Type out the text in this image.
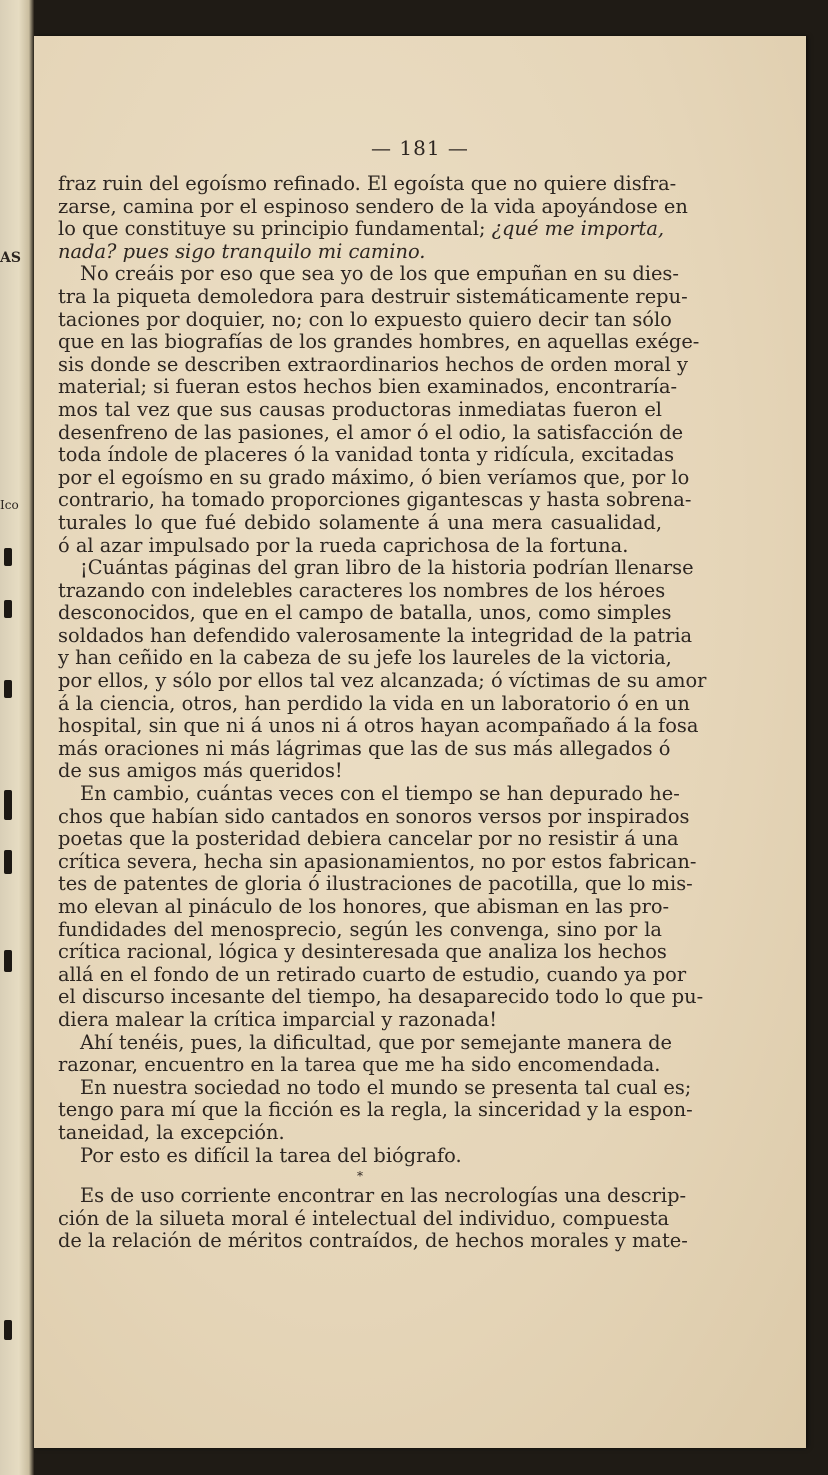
AS
Ico
— 181 —
fraz ruin del egoísmo refinado. El egoísta que no quiere disfra-
zarse, camina por el espinoso sendero de la vida apoyándose en
lo que constituye su principio fundamental; ¿qué me importa,
nada? pues sigo tranquilo mi camino.
No creáis por eso que sea yo de los que empuñan en su dies-
tra la piqueta demoledora para destruir sistemáticamente repu-
taciones por doquier, no; con lo expuesto quiero decir tan sólo
que en las biografías de los grandes hombres, en aquellas exége-
sis donde se describen extraordinarios hechos de orden moral y
material; si fueran estos hechos bien examinados, encontraría-
mos tal vez que sus causas productoras inmediatas fueron el
desenfreno de las pasiones, el amor ó el odio, la satisfacción de
toda índole de placeres ó la vanidad tonta y ridícula, excitadas
por el egoísmo en su grado máximo, ó bien veríamos que, por lo
contrario, ha tomado proporciones gigantescas y hasta sobrena-
turales lo que fué debido solamente á una mera casualidad,
ó al azar impulsado por la rueda caprichosa de la fortuna.
¡Cuántas páginas del gran libro de la historia podrían llenarse
trazando con indelebles caracteres los nombres de los héroes
desconocidos, que en el campo de batalla, unos, como simples
soldados han defendido valerosamente la integridad de la patria
y han ceñido en la cabeza de su jefe los laureles de la victoria,
por ellos, y sólo por ellos tal vez alcanzada; ó víctimas de su amor
á la ciencia, otros, han perdido la vida en un laboratorio ó en un
hospital, sin que ni á unos ni á otros hayan acompañado á la fosa
más oraciones ni más lágrimas que las de sus más allegados ó
de sus amigos más queridos!
En cambio, cuántas veces con el tiempo se han depurado he-
chos que habían sido cantados en sonoros versos por inspirados
poetas que la posteridad debiera cancelar por no resistir á una
crítica severa, hecha sin apasionamientos, no por estos fabrican-
tes de patentes de gloria ó ilustraciones de pacotilla, que lo mis-
mo elevan al pináculo de los honores, que abisman en las pro-
fundidades del menosprecio, según les convenga, sino por la
crítica racional, lógica y desinteresada que analiza los hechos
allá en el fondo de un retirado cuarto de estudio, cuando ya por
el discurso incesante del tiempo, ha desaparecido todo lo que pu-
diera malear la crítica imparcial y razonada!
Ahí tenéis, pues, la dificultad, que por semejante manera de
razonar, encuentro en la tarea que me ha sido encomendada.
En nuestra sociedad no todo el mundo se presenta tal cual es;
tengo para mí que la ficción es la regla, la sinceridad y la espon-
taneidad, la excepción.
Por esto es difícil la tarea del biógrafo.
*
Es de uso corriente encontrar en las necrologías una descrip-
ción de la silueta moral é intelectual del individuo, compuesta
de la relación de méritos contraídos, de hechos morales y mate-
